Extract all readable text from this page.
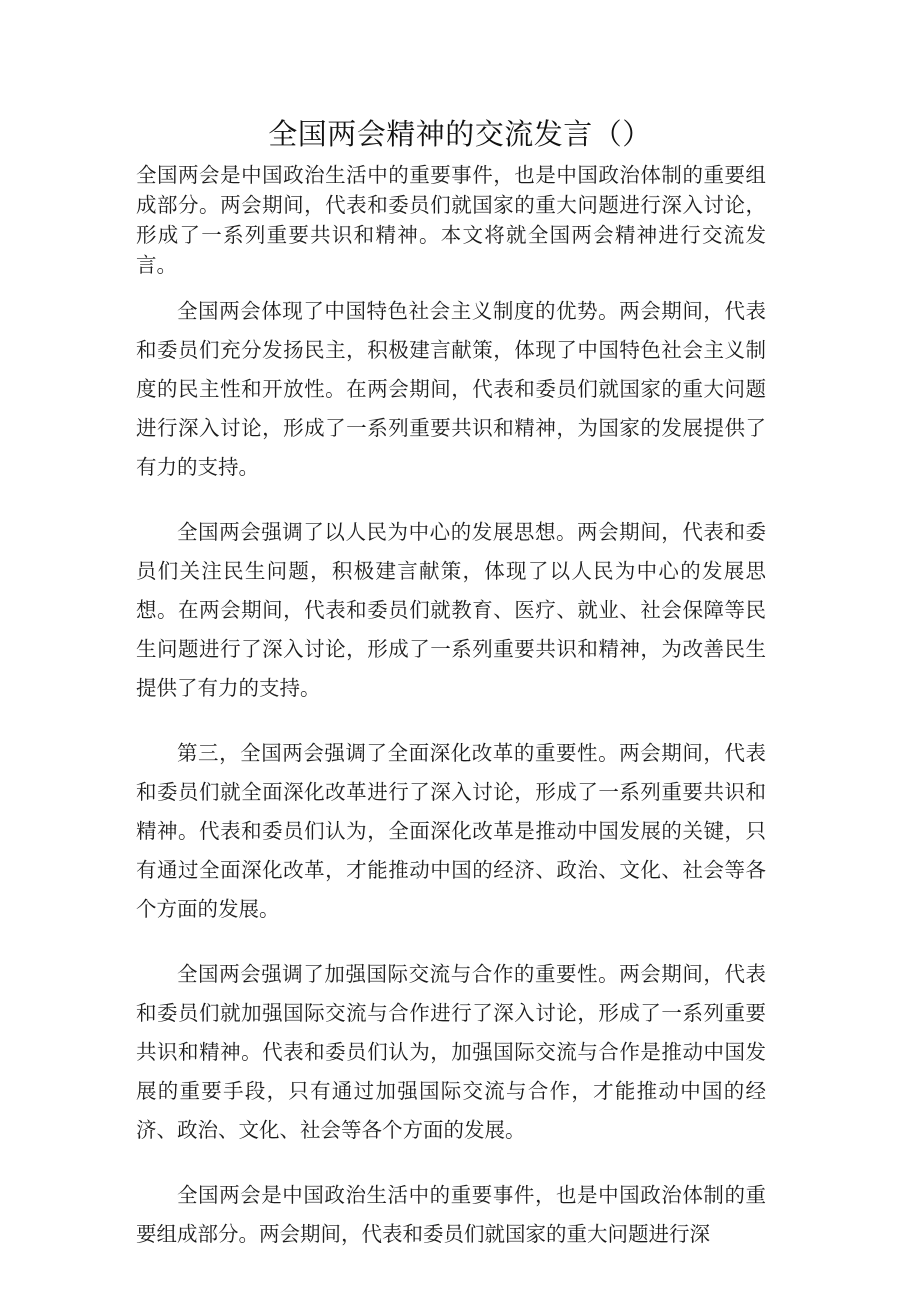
全国两会精神的交流发言（）

全国两会是中国政治生活中的重要事件，也是中国政治体制的重要组成部分。两会期间，代表和委员们就国家的重大问题进行深入讨论，形成了一系列重要共识和精神。本文将就全国两会精神进行交流发言。

全国两会体现了中国特色社会主义制度的优势。两会期间，代表和委员们充分发扬民主，积极建言献策，体现了中国特色社会主义制度的民主性和开放性。在两会期间，代表和委员们就国家的重大问题进行深入讨论，形成了一系列重要共识和精神，为国家的发展提供了有力的支持。

全国两会强调了以人民为中心的发展思想。两会期间，代表和委员们关注民生问题，积极建言献策，体现了以人民为中心的发展思想。在两会期间，代表和委员们就教育、医疗、就业、社会保障等民生问题进行了深入讨论，形成了一系列重要共识和精神，为改善民生提供了有力的支持。

第三，全国两会强调了全面深化改革的重要性。两会期间，代表和委员们就全面深化改革进行了深入讨论，形成了一系列重要共识和精神。代表和委员们认为，全面深化改革是推动中国发展的关键，只有通过全面深化改革，才能推动中国的经济、政治、文化、社会等各个方面的发展。

全国两会强调了加强国际交流与合作的重要性。两会期间，代表和委员们就加强国际交流与合作进行了深入讨论，形成了一系列重要共识和精神。代表和委员们认为，加强国际交流与合作是推动中国发展的重要手段，只有通过加强国际交流与合作，才能推动中国的经济、政治、文化、社会等各个方面的发展。

全国两会是中国政治生活中的重要事件，也是中国政治体制的重要组成部分。两会期间，代表和委员们就国家的重大问题进行深
